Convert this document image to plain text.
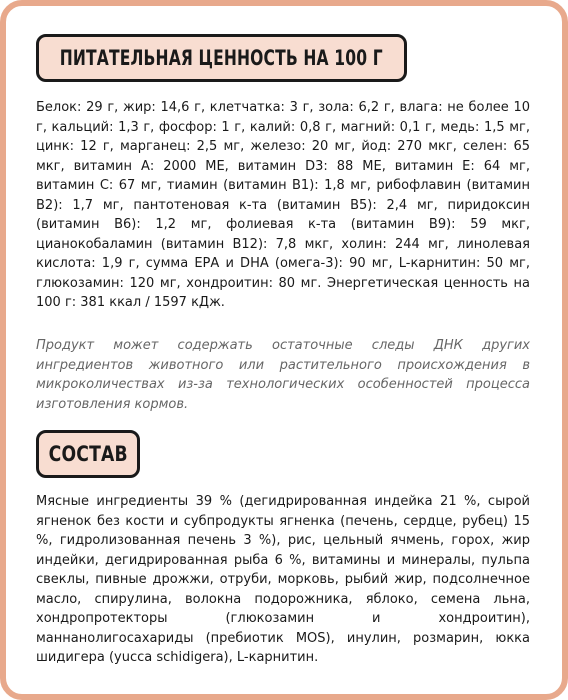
ПИТАТЕЛЬНАЯ ЦЕННОСТЬ НА 100 Г

Белок: 29 г, жир: 14,6 г, клетчатка: 3 г, зола: 6,2 г, влага: не более 10 г, кальций: 1,3 г, фосфор: 1 г, калий: 0,8 г, магний: 0,1 г, медь: 1,5 мг, цинк: 12 г, марганец: 2,5 мг, железо: 20 мг, йод: 270 мкг, селен: 65 мкг, витамин А: 2000 МЕ, витамин D3: 88 МЕ, витамин Е: 64 мг, витамин С: 67 мг, тиамин (витамин В1): 1,8 мг, рибофлавин (витамин В2): 1,7 мг, пантотеновая к-та (витамин В5): 2,4 мг, пиридоксин (витамин В6): 1,2 мг, фолиевая к-та (витамин В9): 59 мкг, цианокобаламин (витамин В12): 7,8 мкг, холин: 244 мг, линолевая кислота: 1,9 г, сумма ЕРА и DHA (омега-3): 90 мг, L-карнитин: 50 мг, глюкозамин: 120 мг, хондроитин: 80 мг. Энергетическая ценность на 100 г: 381 ккал / 1597 кДж.

Продукт может содержать остаточные следы ДНК других ингредиентов животного или растительного происхождения в микроколичествах из-за технологических особенностей процесса изготовления кормов.

СОСТАВ

Мясные ингредиенты 39 % (дегидрированная индейка 21 %, сырой ягненок без кости и субпродукты ягненка (печень, сердце, рубец) 15 %, гидролизованная печень 3 %), рис, цельный ячмень, горох, жир индейки, дегидрированная рыба 6 %, витамины и минералы, пульпа свеклы, пивные дрожжи, отруби, морковь, рыбий жир, подсолнечное масло, спирулина, волокна подорожника, яблоко, семена льна, хондропротекторы (глюкозамин и хондроитин), маннанолигосахариды (пребиотик MOS), инулин, розмарин, юкка шидигера (yucca schidigera), L-карнитин.
